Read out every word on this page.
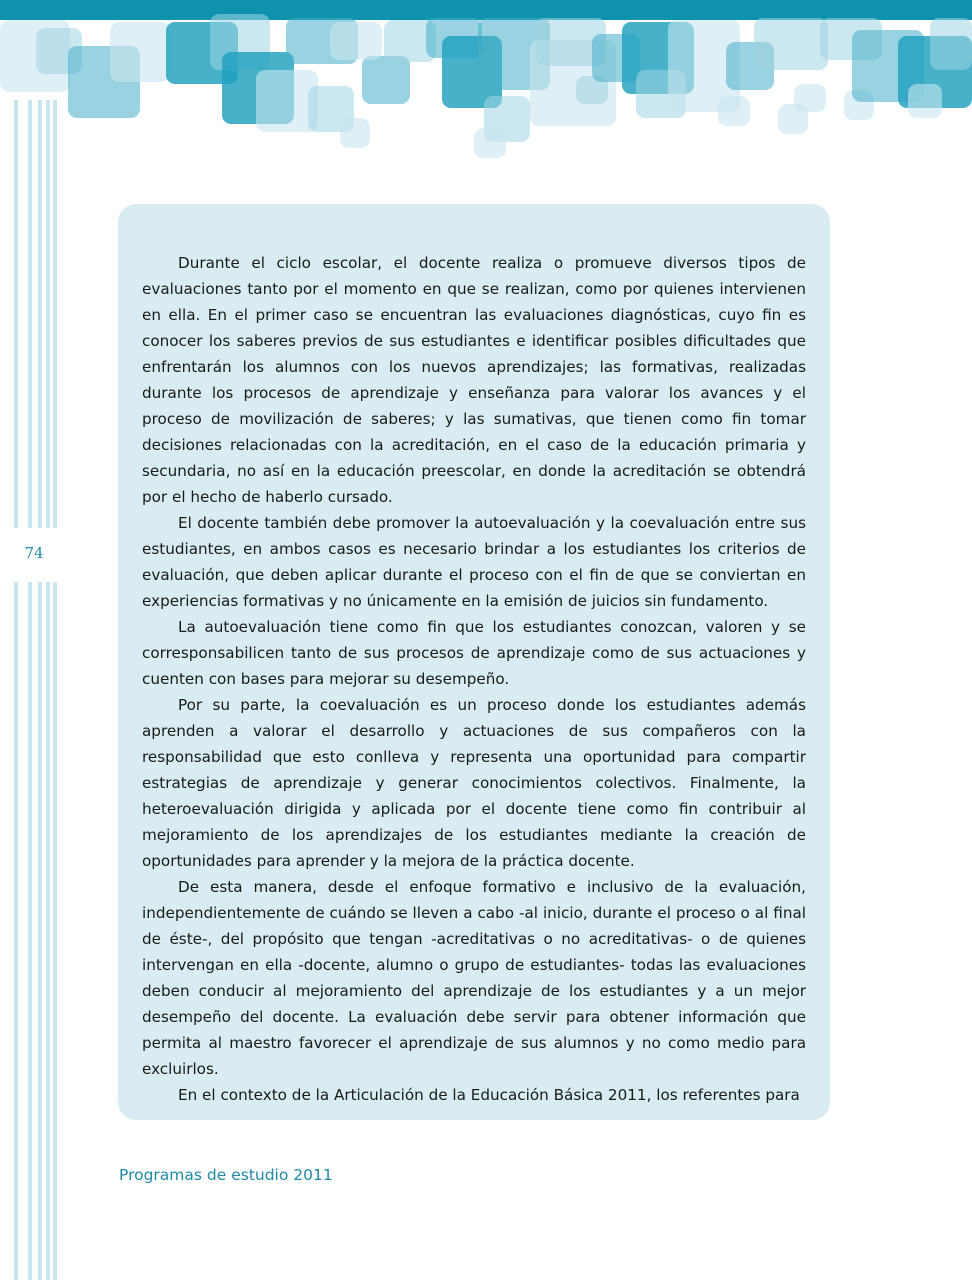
74

Durante el ciclo escolar, el docente realiza o promueve diversos tipos de evaluaciones tanto por el momento en que se realizan, como por quienes intervienen en ella. En el primer caso se encuentran las evaluaciones diagnósticas, cuyo fin es conocer los saberes previos de sus estudiantes e identificar posibles dificultades que enfrentarán los alumnos con los nuevos aprendizajes; las formativas, realizadas durante los procesos de aprendizaje y enseñanza para valorar los avances y el proceso de movilización de saberes; y las sumativas, que tienen como fin tomar decisiones relacionadas con la acreditación, en el caso de la educación primaria y secundaria, no así en la educación preescolar, en donde la acreditación se obtendrá por el hecho de haberlo cursado.

El docente también debe promover la autoevaluación y la coevaluación entre sus estudiantes, en ambos casos es necesario brindar a los estudiantes los criterios de evaluación, que deben aplicar durante el proceso con el fin de que se conviertan en experiencias formativas y no únicamente en la emisión de juicios sin fundamento.

La autoevaluación tiene como fin que los estudiantes conozcan, valoren y se corresponsabilicen tanto de sus procesos de aprendizaje como de sus actuaciones y cuenten con bases para mejorar su desempeño.

Por su parte, la coevaluación es un proceso donde los estudiantes además aprenden a valorar el desarrollo y actuaciones de sus compañeros con la responsabilidad que esto conlleva y representa una oportunidad para compartir estrategias de aprendizaje y generar conocimientos colectivos. Finalmente, la heteroevaluación dirigida y aplicada por el docente tiene como fin contribuir al mejoramiento de los aprendizajes de los estudiantes mediante la creación de oportunidades para aprender y la mejora de la práctica docente.

De esta manera, desde el enfoque formativo e inclusivo de la evaluación, independientemente de cuándo se lleven a cabo -al inicio, durante el proceso o al final de éste-, del propósito que tengan -acreditativas o no acreditativas- o de quienes intervengan en ella -docente, alumno o grupo de estudiantes- todas las evaluaciones deben conducir al mejoramiento del aprendizaje de los estudiantes y a un mejor desempeño del docente. La evaluación debe servir para obtener información que permita al maestro favorecer el aprendizaje de sus alumnos y no como medio para excluirlos.

En el contexto de la Articulación de la Educación Básica 2011, los referentes para

Programas de estudio 2011
